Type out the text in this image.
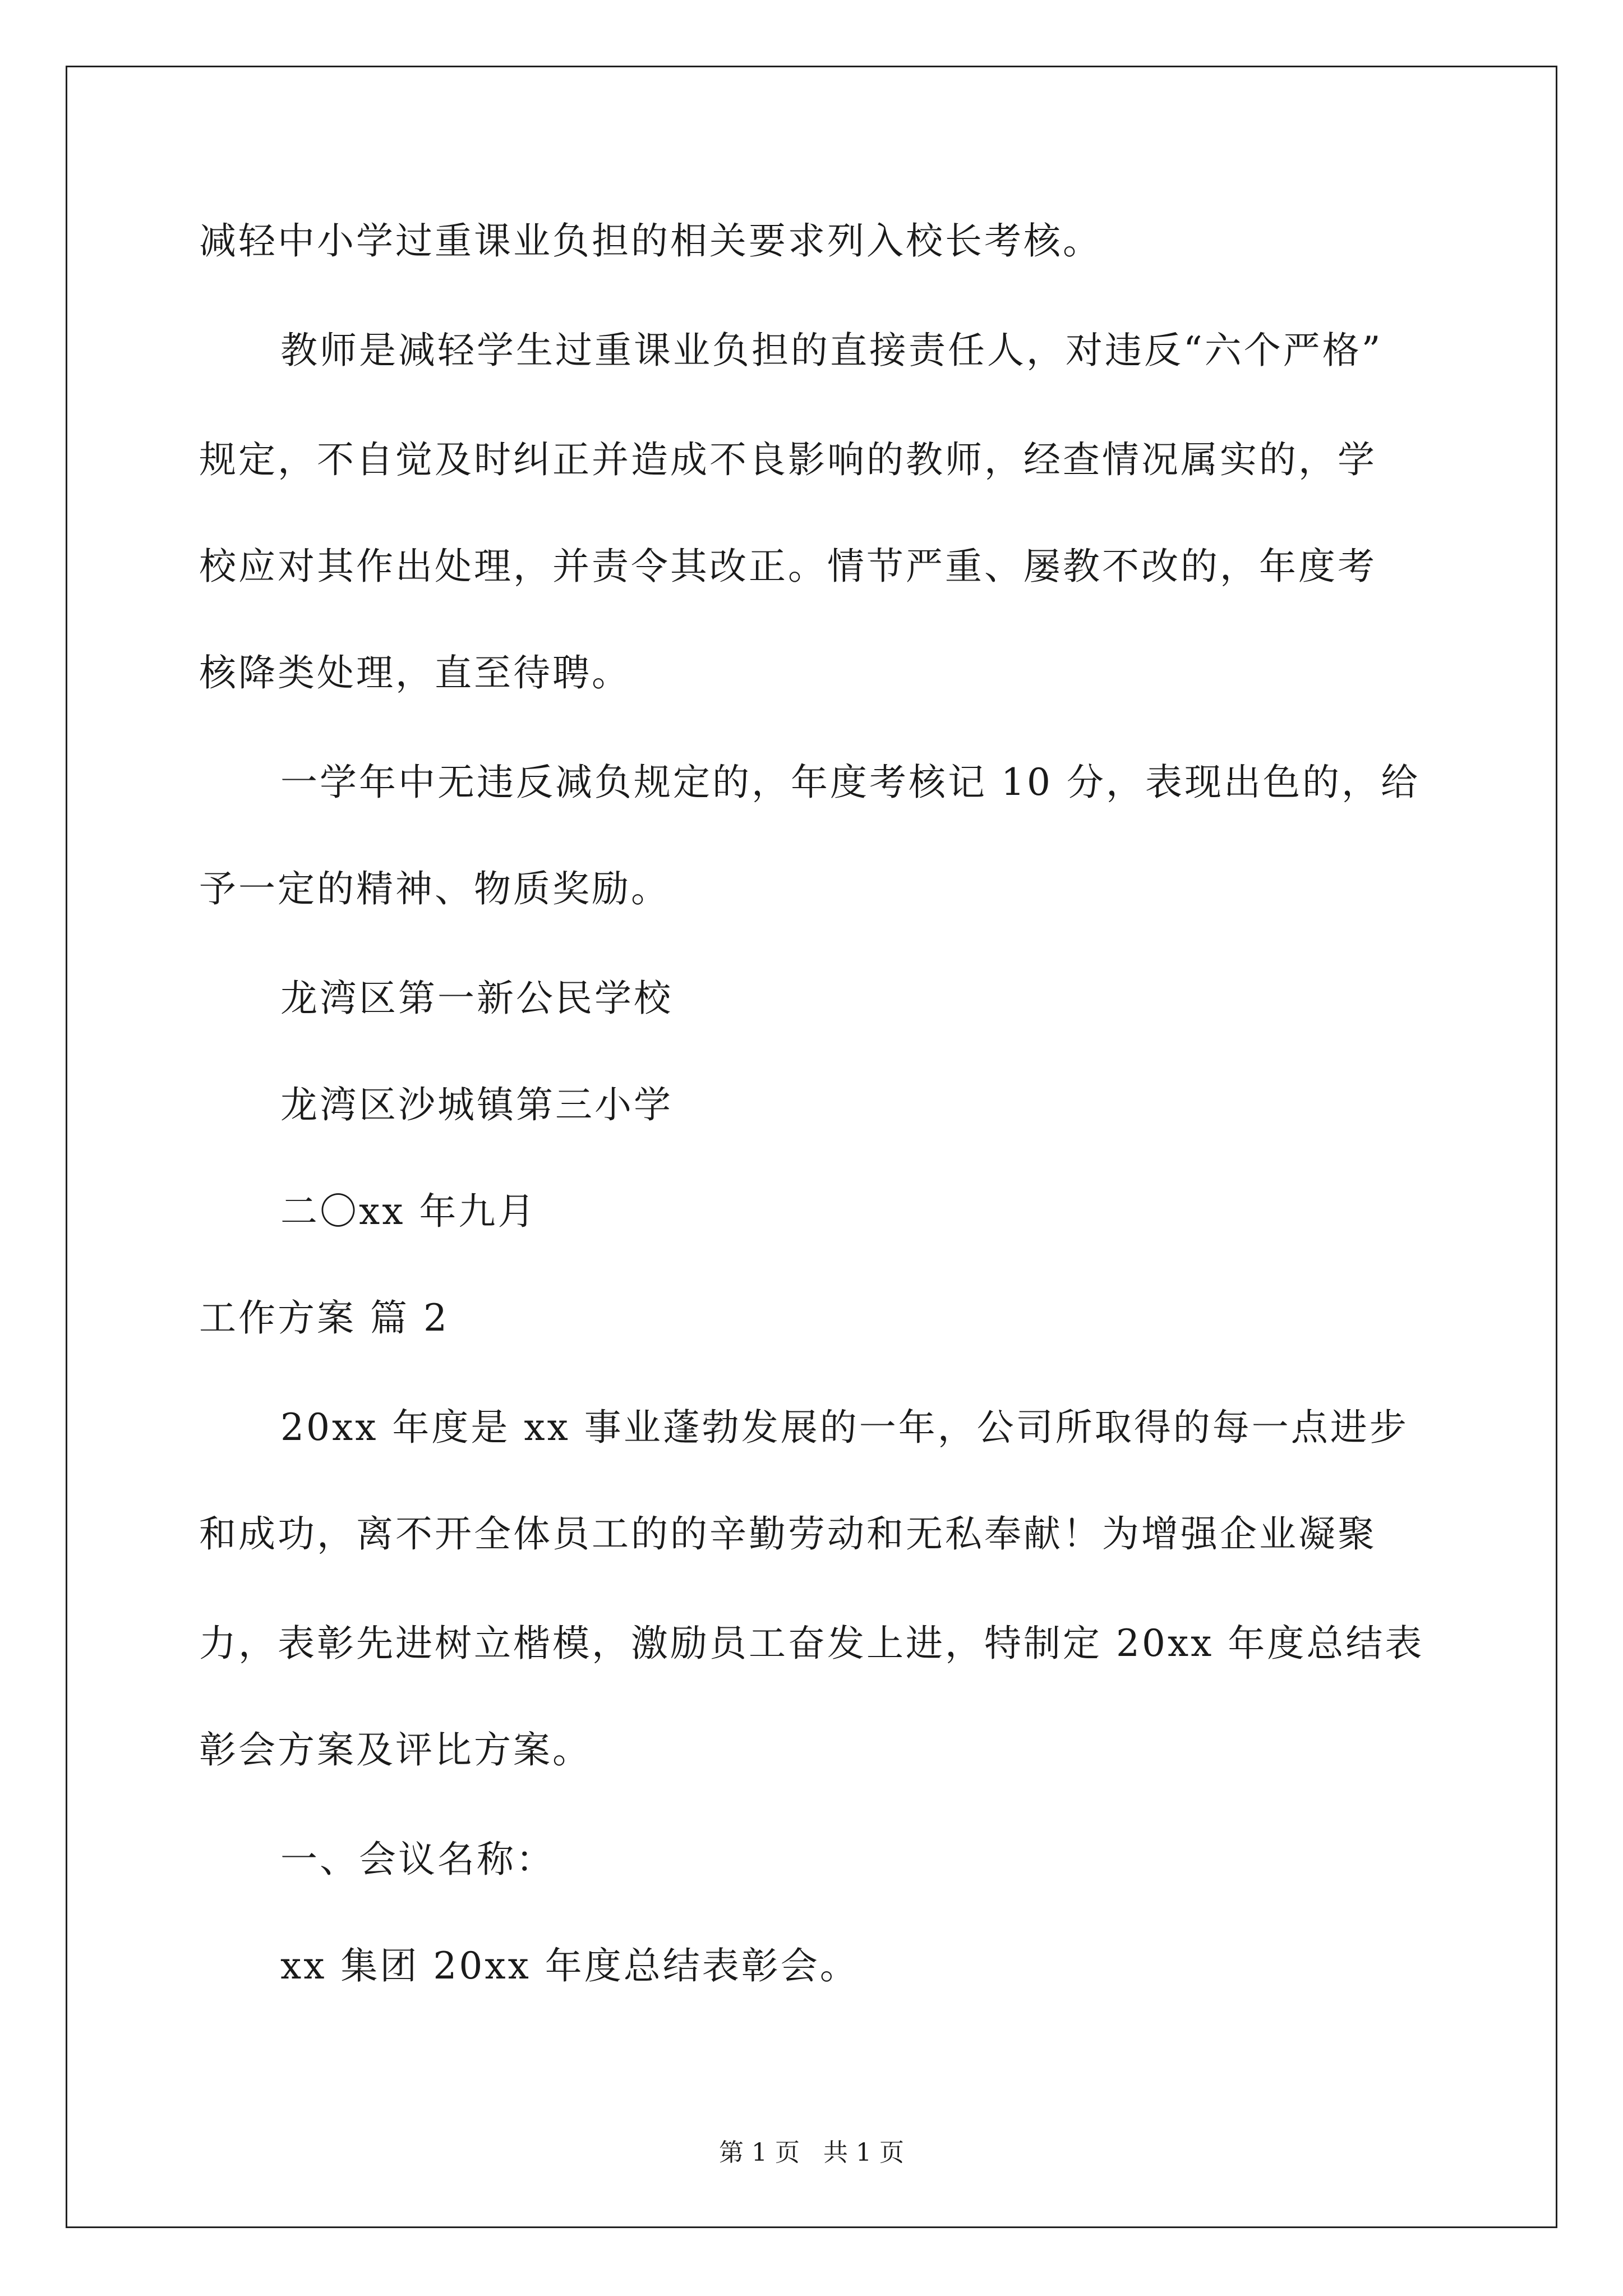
减轻中小学过重课业负担的相关要求列入校长考核。
教师是减轻学生过重课业负担的直接责任人，对违反“六个严格”
规定，不自觉及时纠正并造成不良影响的教师，经查情况属实的，学
校应对其作出处理，并责令其改正。情节严重、屡教不改的，年度考
核降类处理，直至待聘。
一学年中无违反减负规定的，年度考核记 10 分，表现出色的，给
予一定的精神、物质奖励。
龙湾区第一新公民学校
龙湾区沙城镇第三小学
二〇xx 年九月
工作方案 篇 2
20xx 年度是 xx 事业蓬勃发展的一年，公司所取得的每一点进步
和成功，离不开全体员工的的辛勤劳动和无私奉献！为增强企业凝聚
力，表彰先进树立楷模，激励员工奋发上进，特制定 20xx 年度总结表
彰会方案及评比方案。
一、会议名称：
xx 集团 20xx 年度总结表彰会。
第 1 页   共 1 页
